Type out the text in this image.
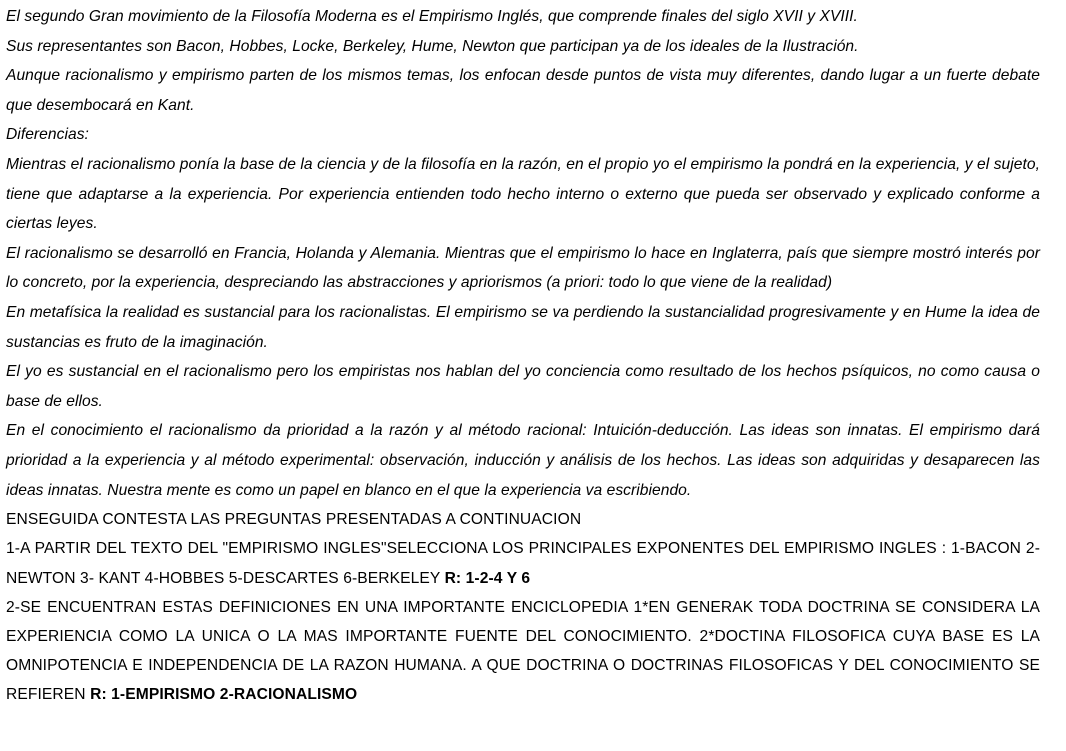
El segundo Gran movimiento de la Filosofía Moderna es el Empirismo Inglés, que comprende finales del siglo XVII y XVIII.

Sus representantes son Bacon, Hobbes, Locke, Berkeley, Hume, Newton que participan ya de los ideales de la Ilustración.

Aunque racionalismo y empirismo parten de los mismos temas, los enfocan desde puntos de vista muy diferentes, dando lugar a un fuerte debate que desembocará en Kant.

Diferencias:

Mientras el racionalismo ponía la base de la ciencia y de la filosofía en la razón, en el propio yo el empirismo la pondrá en la experiencia, y el sujeto, tiene que adaptarse a la experiencia. Por experiencia entienden todo hecho interno o externo que pueda ser observado y explicado conforme a ciertas leyes.

El racionalismo se desarrolló en Francia, Holanda y Alemania. Mientras que el empirismo lo hace en Inglaterra, país que siempre mostró interés por lo concreto, por la experiencia, despreciando las abstracciones y apriorismos (a priori: todo lo que viene de la realidad)

En metafísica la realidad es sustancial para los racionalistas. El empirismo se va perdiendo la sustancialidad progresivamente y en Hume la idea de sustancias es fruto de la imaginación.

El yo es sustancial en el racionalismo pero los empiristas nos hablan del yo conciencia como resultado de los hechos psíquicos, no como causa o base de ellos.

En el conocimiento el racionalismo da prioridad a la razón y al método racional: Intuición-deducción. Las ideas son innatas. El empirismo dará prioridad a la experiencia y al método experimental: observación, inducción y análisis de los hechos. Las ideas son adquiridas y desaparecen las ideas innatas. Nuestra mente es como un papel en blanco en el que la experiencia va escribiendo.

ENSEGUIDA CONTESTA LAS PREGUNTAS PRESENTADAS A CONTINUACION

1-A PARTIR DEL TEXTO DEL "EMPIRISMO INGLES"SELECCIONA LOS PRINCIPALES EXPONENTES DEL EMPIRISMO INGLES : 1-BACON 2-NEWTON 3- KANT 4-HOBBES 5-DESCARTES 6-BERKELEY R: 1-2-4 Y 6

2-SE ENCUENTRAN ESTAS DEFINICIONES EN UNA IMPORTANTE ENCICLOPEDIA 1*EN GENERAK TODA DOCTRINA SE CONSIDERA LA EXPERIENCIA COMO LA UNICA O LA MAS IMPORTANTE FUENTE DEL CONOCIMIENTO. 2*DOCTINA FILOSOFICA CUYA BASE ES LA OMNIPOTENCIA E INDEPENDENCIA DE LA RAZON HUMANA. A QUE DOCTRINA O DOCTRINAS FILOSOFICAS Y DEL CONOCIMIENTO SE REFIEREN R: 1-EMPIRISMO 2-RACIONALISMO
